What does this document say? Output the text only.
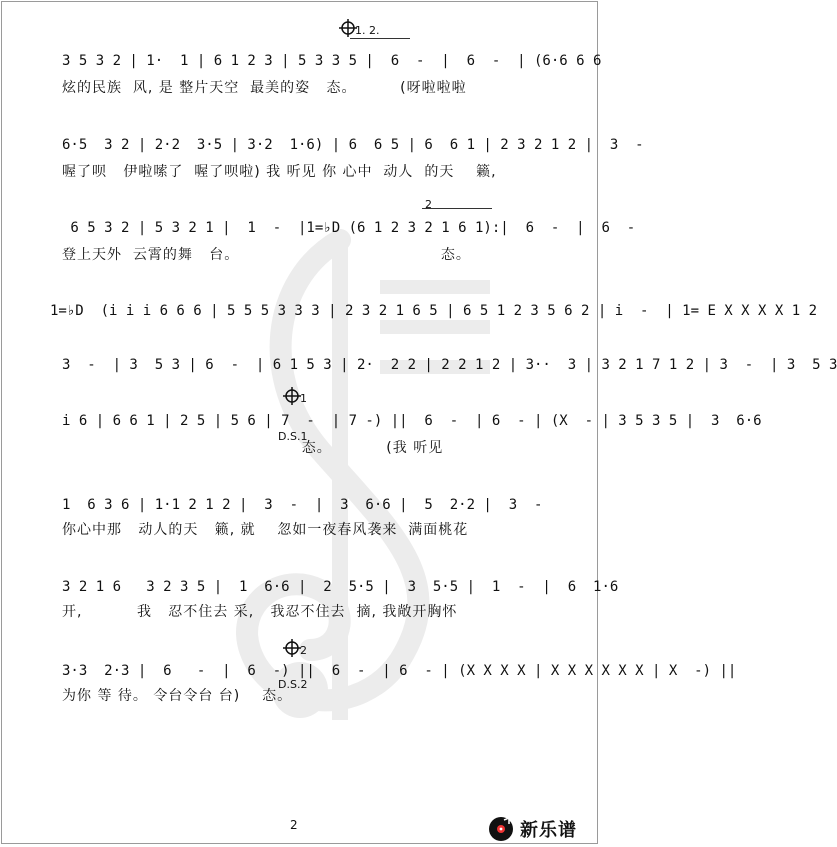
1. 2.
2
1
D.S.1
2
D.S.2
3 5 3 2 | 1·  1 | 6 1 2 3 | 5 3 3 5 |  6  -  |  6  -  | (6·6 6 6
炫的民族  风, 是 整片天空  最美的姿   态。        (呀啦啦啦
6·5  3 2 | 2·2  3·5 | 3·2  1·6) | 6  6 5 | 6  6 1 | 2 3 2 1 2 |  3  -
喔了呗   伊啦嗦了  喔了呗啦) 我 听见 你 心中  动人  的天    籁,
6 5 3 2 | 5 3 2 1 |  1  -  |1=♭D (6 1 2 3 2 1 6 1):|  6  -  |  6  -
登上天外  云霄的舞   台。                                     态。
1=♭D  (i i i 6 6 6 | 5 5 5 3 3 3 | 2 3 2 1 6 5 | 6 5 1 2 3 5 6 2 | i  -  | 1= E X X X X 1 2
3  -  | 3  5 3 | 6  -  | 6 1 5 3 | 2·  2 2 | 2 2 1 2 | 3··  3 | 3 2 1 7 1 2 | 3  -  | 3  5 3
i 6 | 6 6 1 | 2 5 | 5 6 | 7  -  | 7 -) ||  6  -  | 6  - | (X  - | 3 5 3 5 |  3  6·6
态。          (我 听见
1  6 3 6 | 1·1 2 1 2 |  3  -  |  3  6·6 |  5  2·2 |  3  -
你心中那   动人的天   籁, 就    忽如一夜春风袭来  满面桃花
3 2 1 6   3 2 3 5 |  1  6·6 |  2  5·5 |  3  5·5 |  1  -  |  6  1·6
开,          我   忍不住去 采,   我忍不住去  摘, 我敞开胸怀
3·3  2·3 |  6   -  |  6  -) ||  6  -  | 6  - | (X X X X | X X X X X X | X  -) ||
为你 等 待。 令台令台 台)    态。
2	新乐谱
